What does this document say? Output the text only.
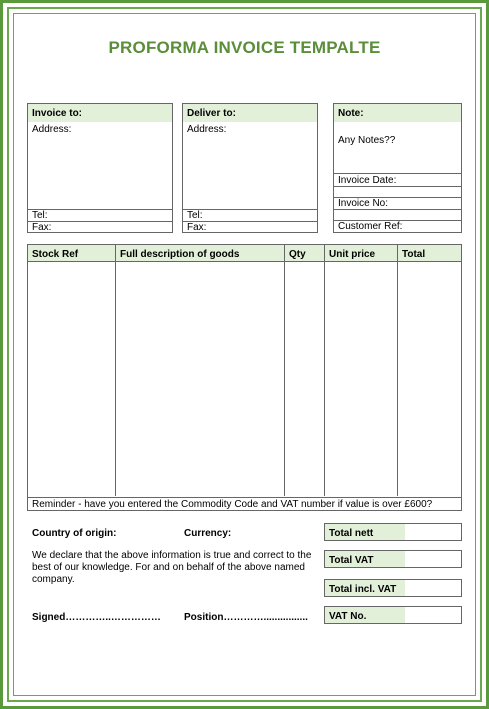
PROFORMA INVOICE TEMPALTE
Invoice to:
Address:
Tel:
Fax:
Deliver to:
Address:
Tel:
Fax:
Note:
Any Notes??
Invoice Date:
Invoice No:
Customer Ref:
Stock Ref	Full description of goods	Qty	Unit price	Total
Reminder - have you entered the Commodity Code and VAT number if value is over £600?
Country of origin:	Currency:
We declare that the above information is true and correct to the best of our knowledge. For and on behalf of the above named company.
Signed…………..…………… Position…………................
Total nett
Total VAT
Total incl. VAT
VAT No.
